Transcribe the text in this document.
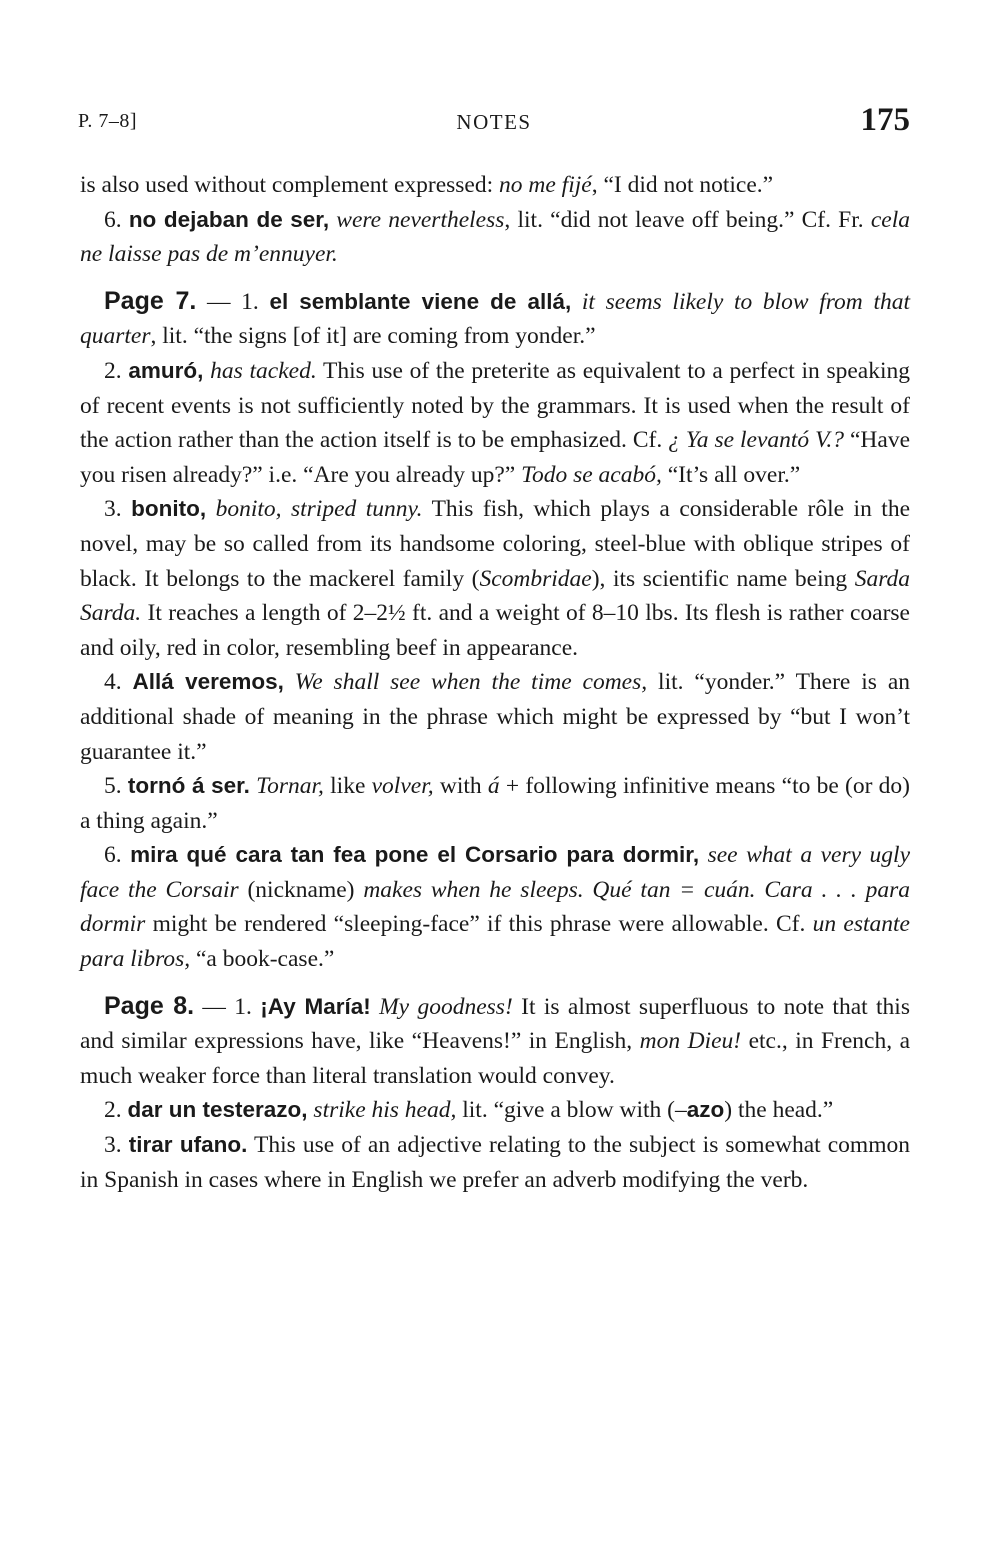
P. 7–8]	NOTES	175

is also used without complement expressed: no me fijé, “I did not notice.”

6. no dejaban de ser, were nevertheless, lit. “did not leave off being.” Cf. Fr. cela ne laisse pas de m’ennuyer.

Page 7. — 1. el semblante viene de allá, it seems likely to blow from that quarter, lit. “the signs [of it] are coming from yonder.”

2. amuró, has tacked. This use of the preterite as equivalent to a perfect in speaking of recent events is not sufficiently noted by the grammars. It is used when the result of the action rather than the action itself is to be emphasized. Cf. ¿ Ya se levantó V.? “Have you risen already?” i.e. “Are you already up?” Todo se acabó, “It’s all over.”

3. bonito, bonito, striped tunny. This fish, which plays a considerable rôle in the novel, may be so called from its handsome coloring, steel-blue with oblique stripes of black. It belongs to the mackerel family (Scombridae), its scientific name being Sarda Sarda. It reaches a length of 2–2½ ft. and a weight of 8–10 lbs. Its flesh is rather coarse and oily, red in color, resembling beef in appearance.

4. Allá veremos, We shall see when the time comes, lit. “yonder.” There is an additional shade of meaning in the phrase which might be expressed by “but I won’t guarantee it.”

5. tornó á ser. Tornar, like volver, with á + following infinitive means “to be (or do) a thing again.”

6. mira qué cara tan fea pone el Corsario para dormir, see what a very ugly face the Corsair (nickname) makes when he sleeps. Qué tan = cuán. Cara . . . para dormir might be rendered “sleeping-face” if this phrase were allowable. Cf. un estante para libros, “a book-case.”

Page 8. — 1. ¡Ay María! My goodness! It is almost superfluous to note that this and similar expressions have, like “Heavens!” in English, mon Dieu! etc., in French, a much weaker force than literal translation would convey.

2. dar un testerazo, strike his head, lit. “give a blow with (–azo) the head.”

3. tirar ufano. This use of an adjective relating to the subject is somewhat common in Spanish in cases where in English we prefer an adverb modifying the verb.
